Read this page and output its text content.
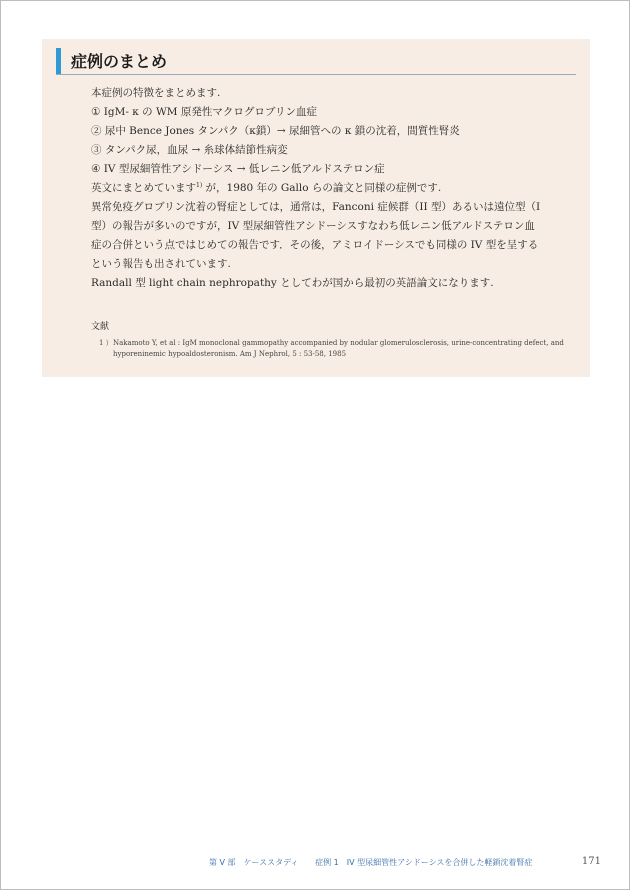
症例のまとめ

本症例の特徴をまとめます.

① IgM- κ の WM 原発性マクログロブリン血症

② 尿中 Bence Jones タンパク（κ鎖）→ 尿細管への κ 鎖の沈着，間質性腎炎

③ タンパク尿，血尿 → 糸球体結節性病変

④ IV 型尿細管性アシドーシス → 低レニン低アルドステロン症

英文にまとめています$^{1)}$ が，1980 年の Gallo らの論文と同様の症例です.

異常免疫グロブリン沈着の腎症としては，通常は，Fanconi 症候群（II 型）あるいは遠位型（I

型）の報告が多いのですが，IV 型尿細管性アシドーシスすなわち低レニン低アルドステロン血

症の合併という点ではじめての報告です．その後，アミロイドーシスでも同様の IV 型を呈する

という報告も出されています.

Randall 型 light chain nephropathy としてわが国から最初の英語論文になります.

文献
1 ） Nakamoto Y, et al : IgM monoclonal gammopathy accompanied by nodular glomerulosclerosis, urine-concentrating defect, and hyporeninemic hypoaldosteronism. Am J Nephrol, 5 : 53-58, 1985
第 V 部　ケーススタディ 症例 1　IV 型尿細管性アシドーシスを合併した軽鎖沈着腎症	171
